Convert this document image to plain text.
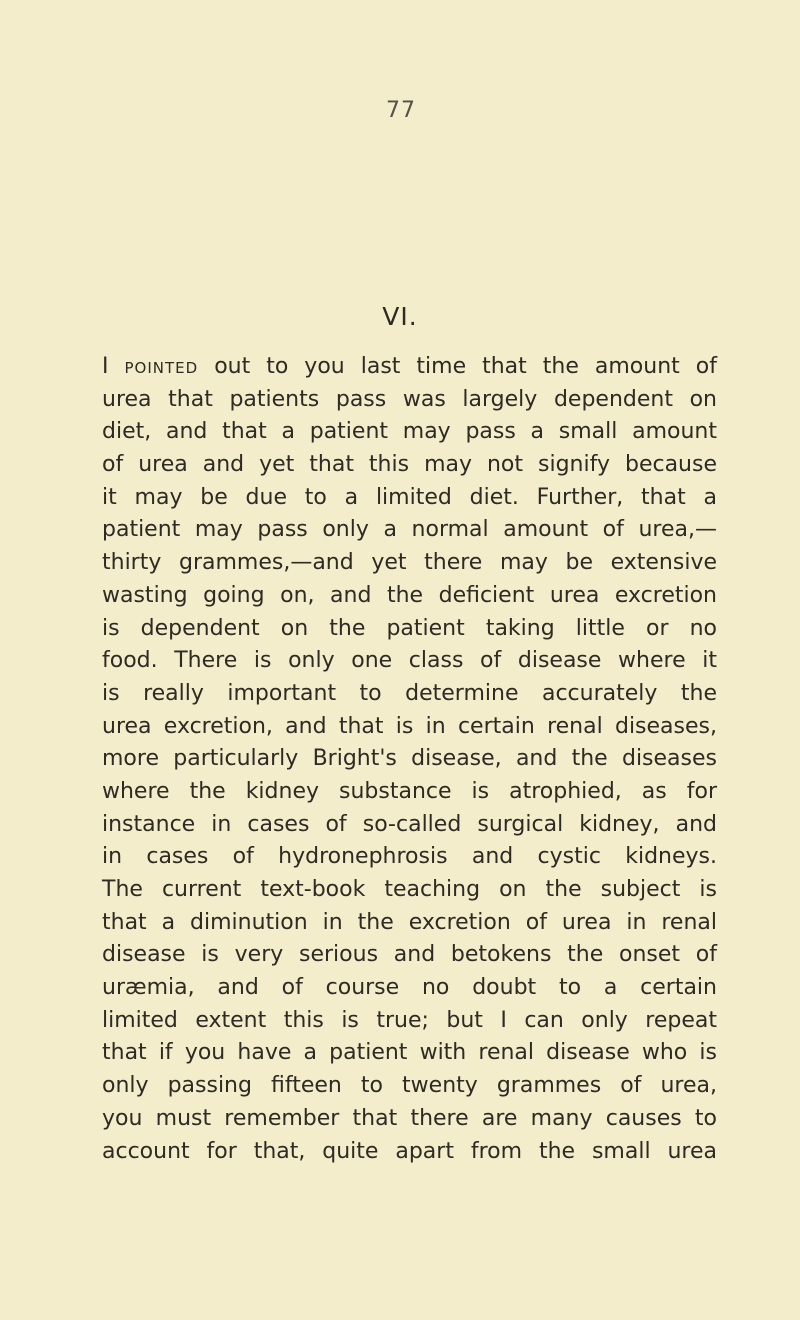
77
VI.
I pointed out to you last time that the amount of
urea that patients pass was largely dependent on
diet, and that a patient may pass a small amount
of urea and yet that this may not signify because
it may be due to a limited diet. Further, that a
patient may pass only a normal amount of urea,—
thirty grammes,—and yet there may be extensive
wasting going on, and the deficient urea excretion
is dependent on the patient taking little or no
food. There is only one class of disease where it
is really important to determine accurately the
urea excretion, and that is in certain renal diseases,
more particularly Bright's disease, and the diseases
where the kidney substance is atrophied, as for
instance in cases of so-called surgical kidney, and
in cases of hydronephrosis and cystic kidneys.
The current text-book teaching on the subject is
that a diminution in the excretion of urea in renal
disease is very serious and betokens the onset of
uræmia, and of course no doubt to a certain
limited extent this is true; but I can only repeat
that if you have a patient with renal disease who is
only passing fifteen to twenty grammes of urea,
you must remember that there are many causes to
account for that, quite apart from the small urea
